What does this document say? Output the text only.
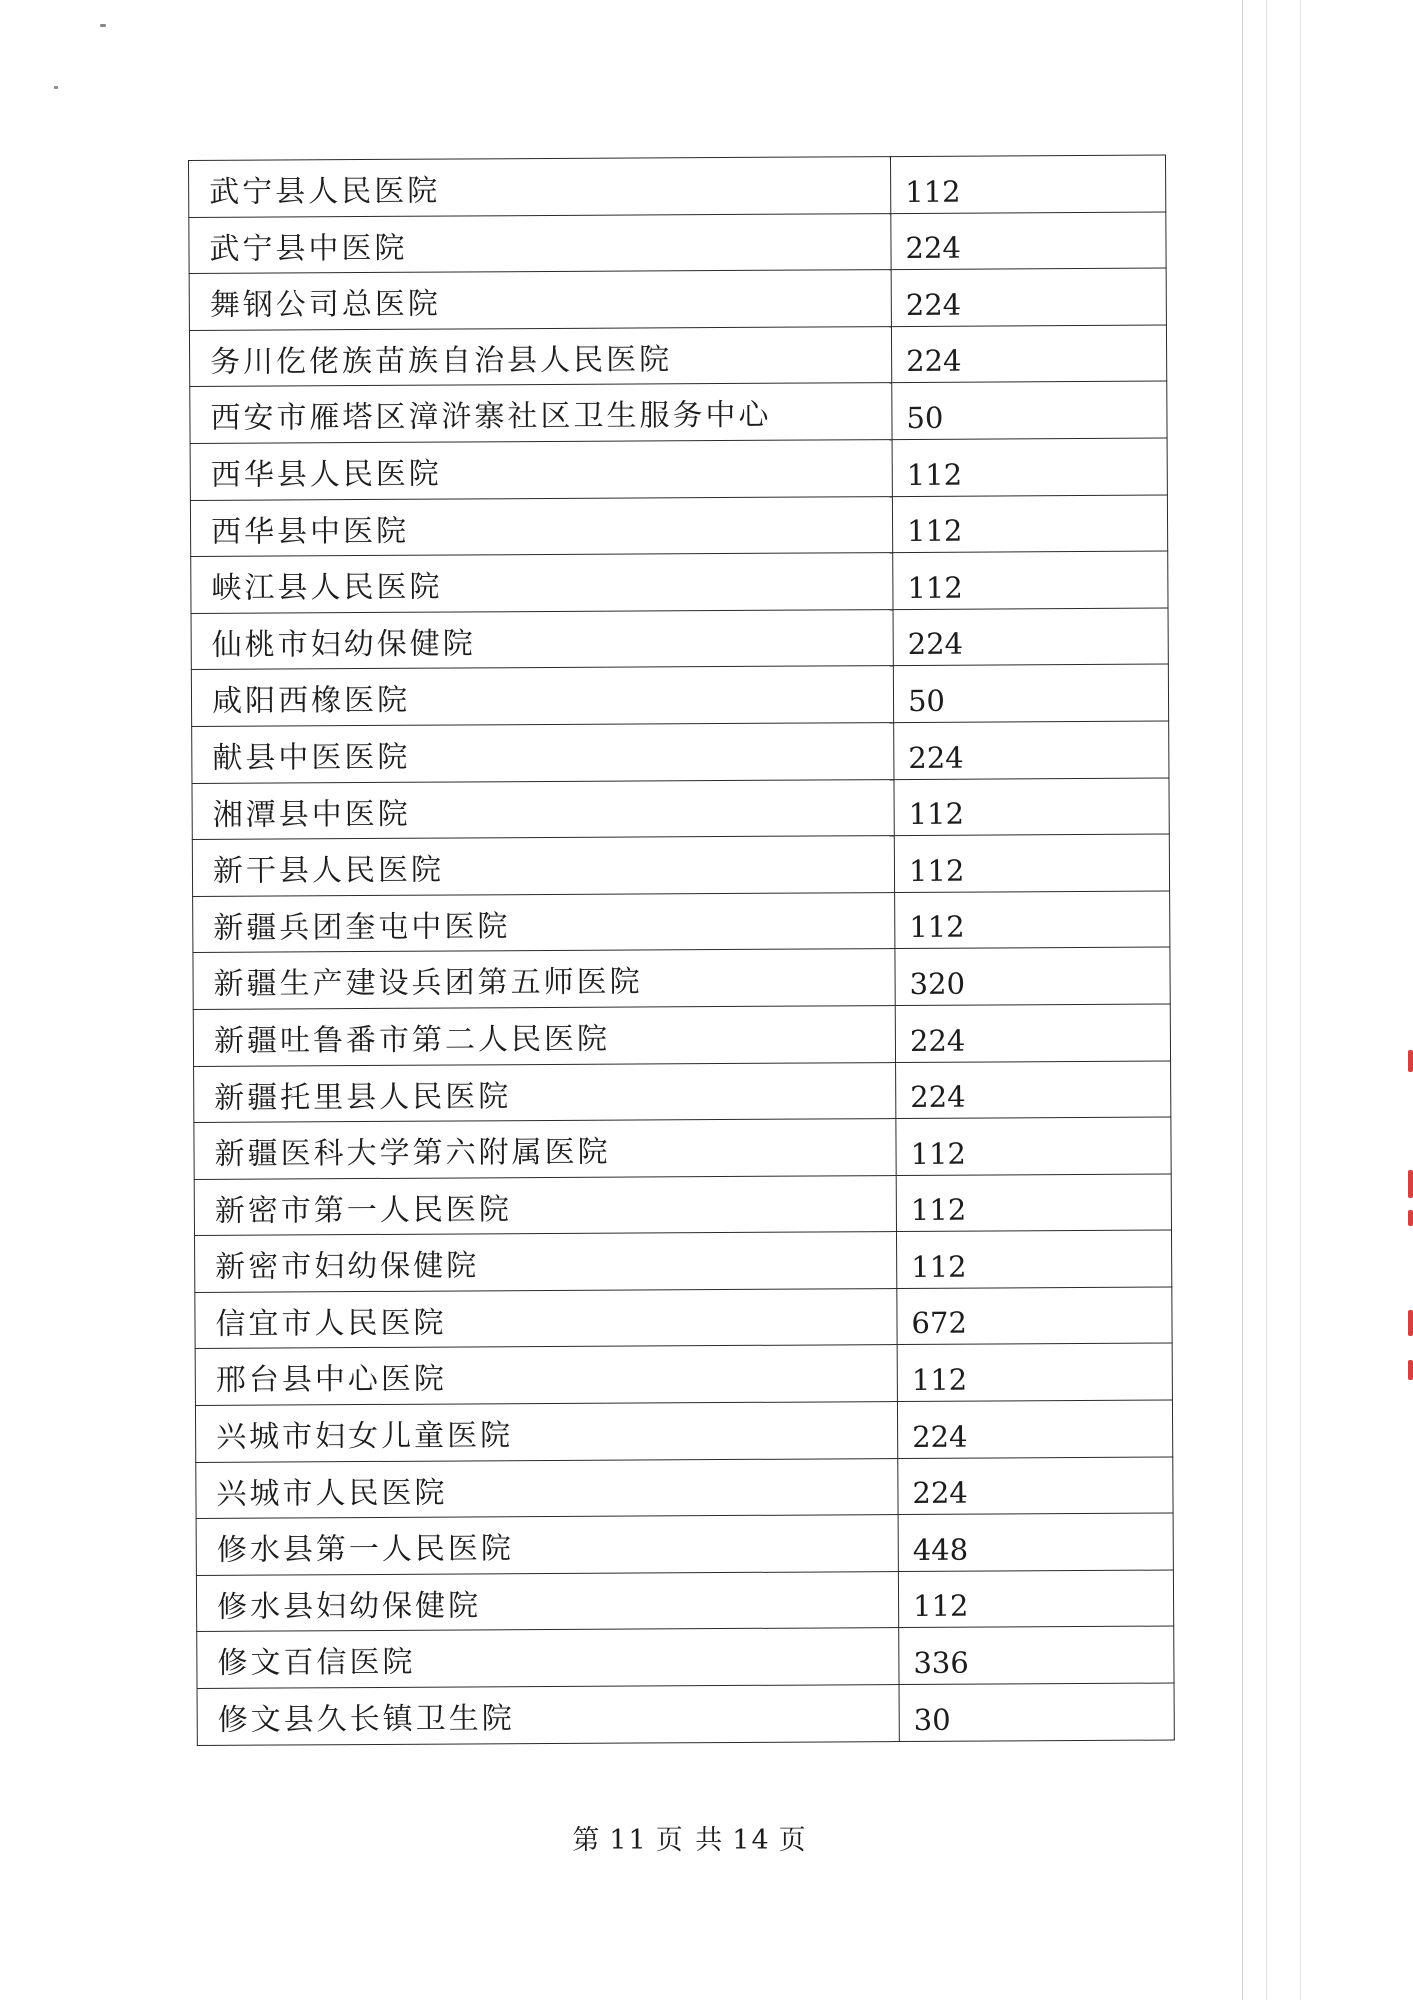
武宁县人民医院	112
武宁县中医院	224
舞钢公司总医院	224
务川仡佬族苗族自治县人民医院	224
西安市雁塔区漳浒寨社区卫生服务中心	50
西华县人民医院	112
西华县中医院	112
峡江县人民医院	112
仙桃市妇幼保健院	224
咸阳西橡医院	50
献县中医医院	224
湘潭县中医院	112
新干县人民医院	112
新疆兵团奎屯中医院	112
新疆生产建设兵团第五师医院	320
新疆吐鲁番市第二人民医院	224
新疆托里县人民医院	224
新疆医科大学第六附属医院	112
新密市第一人民医院	112
新密市妇幼保健院	112
信宜市人民医院	672
邢台县中心医院	112
兴城市妇女儿童医院	224
兴城市人民医院	224
修水县第一人民医院	448
修水县妇幼保健院	112
修文百信医院	336
修文县久长镇卫生院	30
第 11 页 共 14 页
